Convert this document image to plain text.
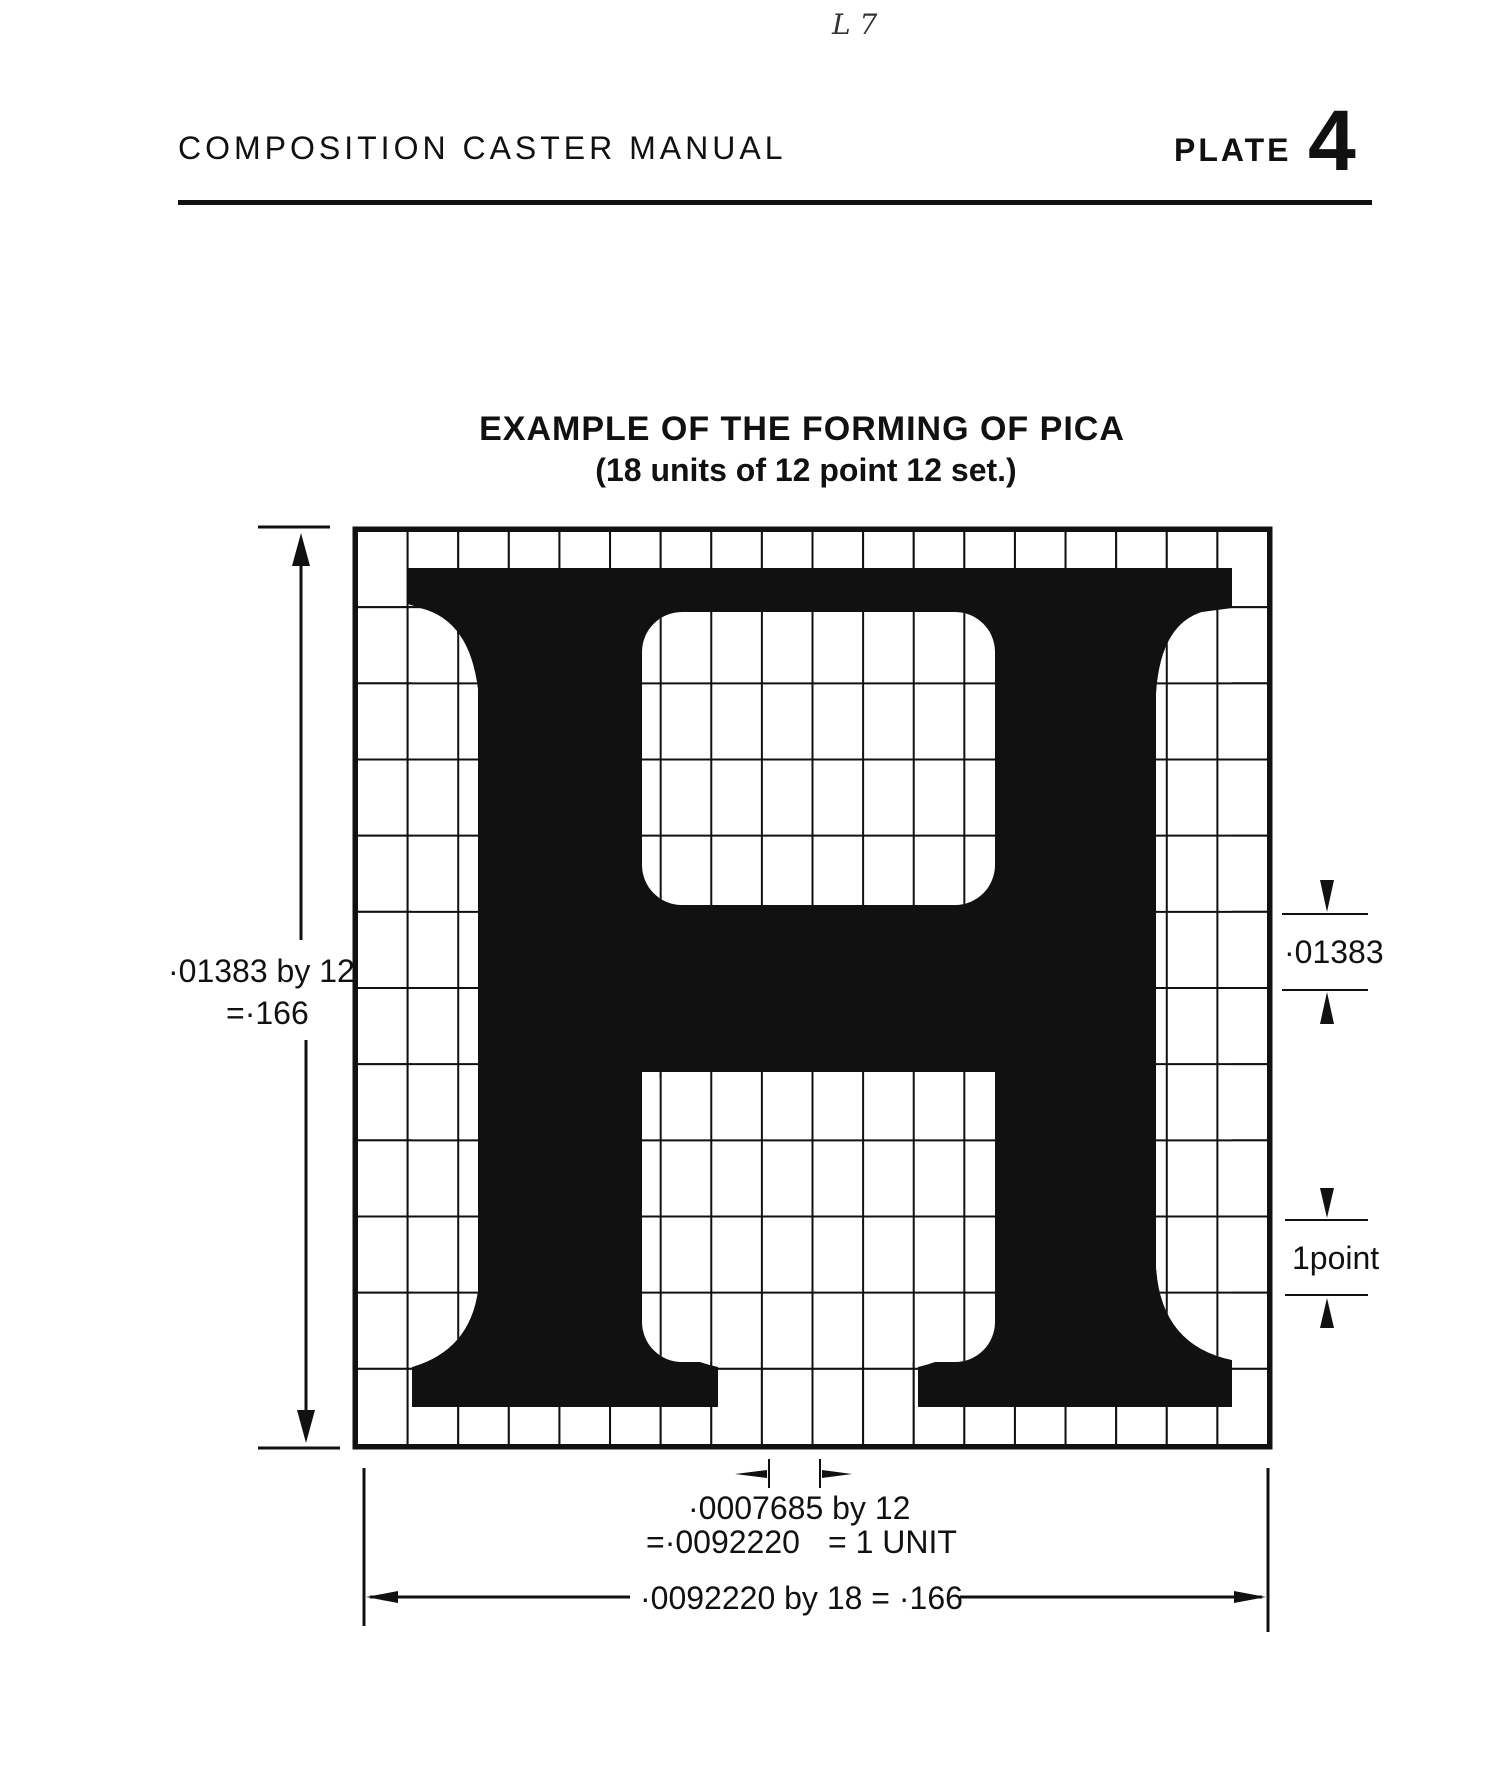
L 7
COMPOSITION CASTER MANUAL	PLATE 4
EXAMPLE OF THE FORMING OF PICA
(18 units of 12 point 12 set.)
·01383 by 12
=·166
·01383
1point
·0007685 by 12
=·0092220 = 1 UNIT
·0092220 by 18 = ·166
